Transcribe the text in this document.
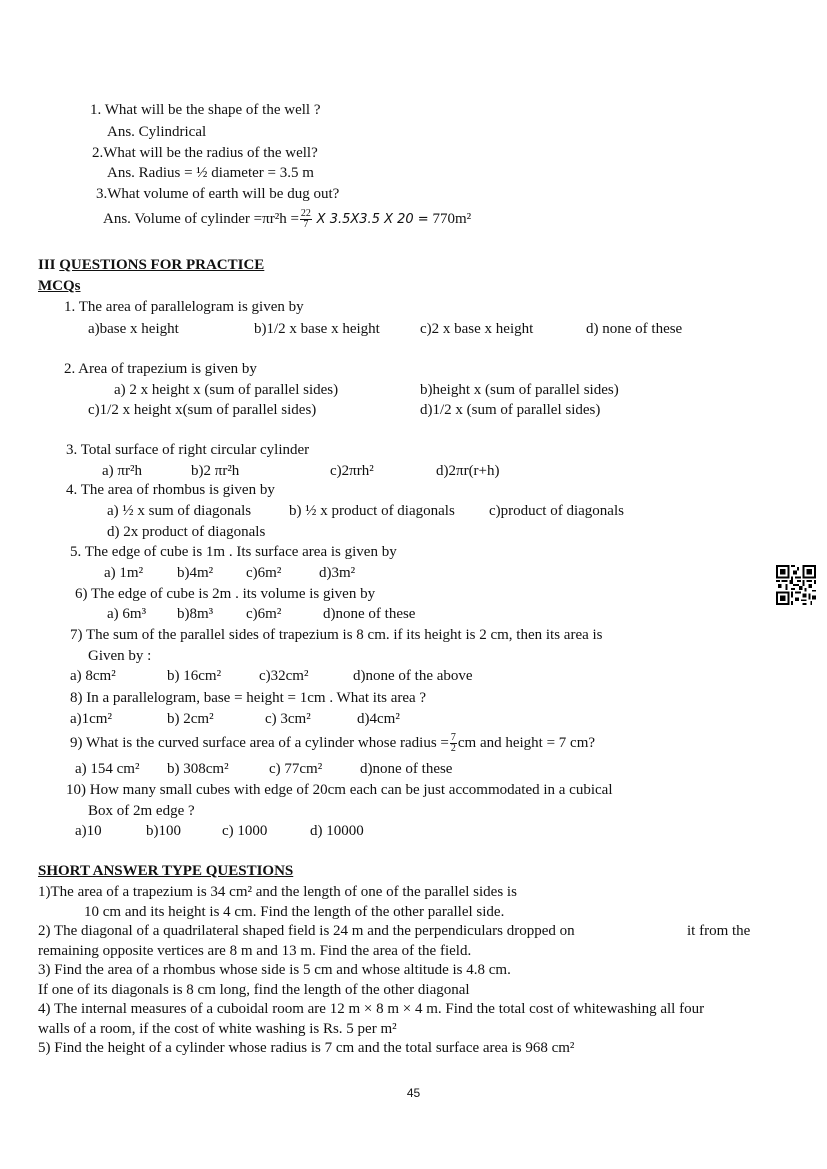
1. What will be the shape of the well ?
Ans. Cylindrical
2.What will be the radius of the well?
Ans. Radius = ½ diameter = 3.5 m
3.What volume of earth will be dug out?
Ans. Volume of cylinder $=\pi r^2h = \frac{22}{7}$ X 3.5X3.5 X 20 = 770m²
III QUESTIONS FOR PRACTICE
MCQs
1. The area of parallelogram is given by
a)base x height	b)1/2 x base x height	c)2 x base x height	d) none of these
2. Area of trapezium is given by
a) 2 x height x (sum of parallel sides)	b)height x (sum of parallel sides)
c)1/2 x height x(sum of parallel sides)	d)1/2 x (sum of parallel sides)
3. Total surface of right circular cylinder
a) πr²h	b)2 πr²h	c)2πrh²	d)2πr(r+h)
4. The area of rhombus is given by
a) ½ x sum of diagonals	b) ½ x product of diagonals c)product of diagonals
d) 2x product of diagonals
5. The edge of cube is 1m . Its surface area is given by
a) 1m² b)4m² c)6m²	d)3m²
6) The edge of cube is 2m . its volume is given by
a) 6m³ b)8m³ c)6m²	d)none of these
7) The sum of the parallel sides of trapezium is 8 cm. if its height is 2 cm, then its area is
Given by :
a) 8cm²	b) 16cm²	c)32cm²	d)none of the above
8) In a parallelogram, base = height = 1cm . What its area ?
a)1cm²	b) 2cm²	c) 3cm²	d)4cm²
9) What is the curved surface area of a cylinder whose radius = $\frac{7}{2}$ cm and height = 7 cm?
a) 154 cm² b) 308cm²	c) 77cm²	d)none of these
10) How many small cubes with edge of 20cm each can be just accommodated in a cubical
Box of 2m edge ?
a)10	b)100	c) 1000	d) 10000
SHORT ANSWER TYPE QUESTIONS
1)The area of a trapezium is 34 cm² and the length of one of the parallel sides is
10 cm and its height is 4 cm. Find the length of the other parallel side.
2) The diagonal of a quadrilateral shaped field is 24 m and the perpendiculars dropped on	it from the
remaining opposite vertices are 8 m and 13 m. Find the area of the field.
3) Find the area of a rhombus whose side is 5 cm and whose altitude is 4.8 cm.
If one of its diagonals is 8 cm long, find the length of the other diagonal
4) The internal measures of a cuboidal room are 12 m × 8 m × 4 m. Find the total cost of whitewashing all four
walls of a room, if the cost of white washing is Rs. 5 per m²
5) Find the height of a cylinder whose radius is 7 cm and the total surface area is 968 cm²
45
